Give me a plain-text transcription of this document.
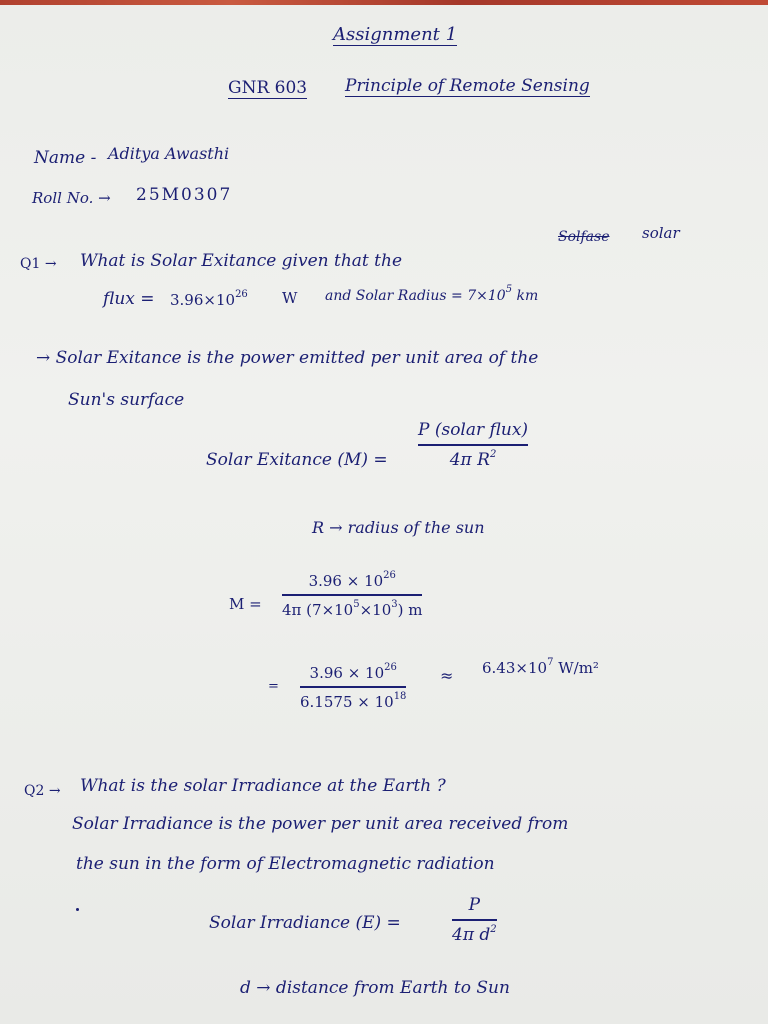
Assignment 1
GNR 603 Principle of Remote Sensing
Name - Aditya Awasthi
Roll No. → 25M0307
Q1 → What is Solar Exitance given that the
Solfase solar
flux = $3.96\times 10^{26}$ W and Solar Radius = $7\times 10^5$ km
→ Solar Exitance is the power emitted per unit area of the
Sun's surface
Solar Exitance (M) =
P (solar flux)
4π $R^2$
R → radius of the sun
M =
$3.96 \times 10^{26}$
4π $(7\times 10^5\times 10^3)$ m
=
$3.96 \times 10^{26}$
$6.1575 \times 10^{18}$
≈ $6.43\times 10^7$ W/m²
Q2 → What is the solar Irradiance at the Earth ?
Solar Irradiance is the power per unit area received from
the sun in the form of Electromagnetic radiation
Solar Irradiance (E) =
P
4π $d^2$
d → distance from Earth to Sun
